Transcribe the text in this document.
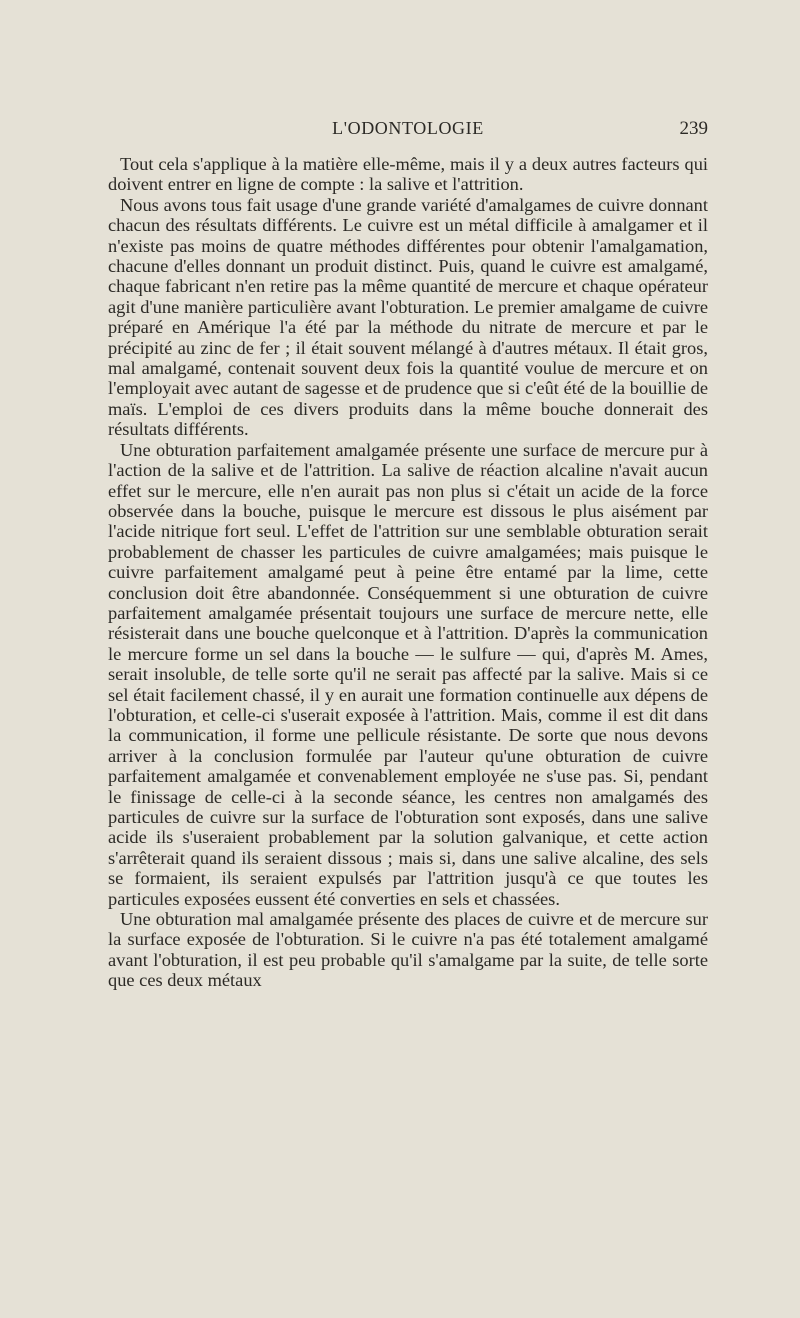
L'ODONTOLOGIE	239

Tout cela s'applique à la matière elle-même, mais il y a deux autres facteurs qui doivent entrer en ligne de compte : la salive et l'attrition.

Nous avons tous fait usage d'une grande variété d'amalgames de cuivre donnant chacun des résultats différents. Le cuivre est un métal difficile à amalgamer et il n'existe pas moins de quatre méthodes différentes pour obtenir l'amalgamation, chacune d'elles donnant un produit distinct. Puis, quand le cuivre est amalgamé, chaque fabricant n'en retire pas la même quantité de mercure et chaque opérateur agit d'une manière particulière avant l'obturation. Le premier amalgame de cuivre préparé en Amérique l'a été par la méthode du nitrate de mercure et par le précipité au zinc de fer ; il était souvent mélangé à d'autres métaux. Il était gros, mal amalgamé, contenait souvent deux fois la quantité voulue de mercure et on l'employait avec autant de sagesse et de prudence que si c'eût été de la bouillie de maïs. L'emploi de ces divers produits dans la même bouche donnerait des résultats différents.

Une obturation parfaitement amalgamée présente une surface de mercure pur à l'action de la salive et de l'attrition. La salive de réaction alcaline n'avait aucun effet sur le mercure, elle n'en aurait pas non plus si c'était un acide de la force observée dans la bouche, puisque le mercure est dissous le plus aisément par l'acide nitrique fort seul. L'effet de l'attrition sur une semblable obturation serait probablement de chasser les particules de cuivre amalgamées; mais puisque le cuivre parfaitement amalgamé peut à peine être entamé par la lime, cette conclusion doit être abandonnée. Conséquemment si une obturation de cuivre parfaitement amalgamée présentait toujours une surface de mercure nette, elle résisterait dans une bouche quelconque et à l'attrition. D'après la communication le mercure forme un sel dans la bouche — le sulfure — qui, d'après M. Ames, serait insoluble, de telle sorte qu'il ne serait pas affecté par la salive. Mais si ce sel était facilement chassé, il y en aurait une formation continuelle aux dépens de l'obturation, et celle-ci s'userait exposée à l'attrition. Mais, comme il est dit dans la communication, il forme une pellicule résistante. De sorte que nous devons arriver à la conclusion formulée par l'auteur qu'une obturation de cuivre parfaitement amalgamée et convenablement employée ne s'use pas. Si, pendant le finissage de celle-ci à la seconde séance, les centres non amalgamés des particules de cuivre sur la surface de l'obturation sont exposés, dans une salive acide ils s'useraient probablement par la solution galvanique, et cette action s'arrêterait quand ils seraient dissous ; mais si, dans une salive alcaline, des sels se formaient, ils seraient expulsés par l'attrition jusqu'à ce que toutes les particules exposées eussent été converties en sels et chassées.

Une obturation mal amalgamée présente des places de cuivre et de mercure sur la surface exposée de l'obturation. Si le cuivre n'a pas été totalement amalgamé avant l'obturation, il est peu probable qu'il s'amalgame par la suite, de telle sorte que ces deux métaux
